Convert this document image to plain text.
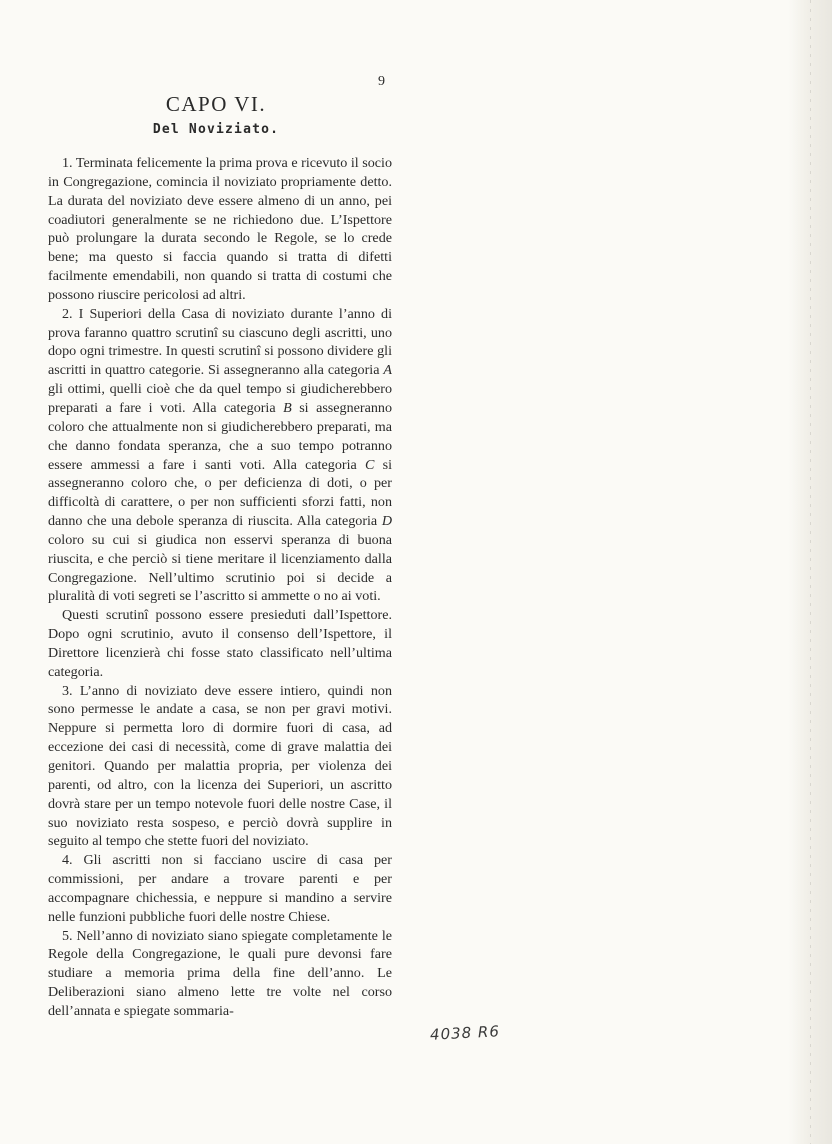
9
CAPO VI.
Del Noviziato.

1. Terminata felicemente la prima prova e ricevuto il socio in Congregazione, comincia il noviziato propriamente detto. La durata del noviziato deve essere almeno di un anno, pei coadiutori generalmente se ne richiedono due. L’Ispettore può prolungare la durata secondo le Regole, se lo crede bene; ma questo si faccia quando si tratta di difetti facilmente emendabili, non quando si tratta di costumi che possono riuscire pericolosi ad altri.

2. I Superiori della Casa di noviziato durante l’anno di prova faranno quattro scrutinî su ciascuno degli ascritti, uno dopo ogni trimestre. In questi scrutinî si possono dividere gli ascritti in quattro categorie. Si assegneranno alla categoria A gli ottimi, quelli cioè che da quel tempo si giudicherebbero preparati a fare i voti. Alla categoria B si assegneranno coloro che attualmente non si giudicherebbero preparati, ma che danno fondata speranza, che a suo tempo potranno essere ammessi a fare i santi voti. Alla categoria C si assegneranno coloro che, o per deficienza di doti, o per difficoltà di carattere, o per non sufficienti sforzi fatti, non danno che una debole speranza di riuscita. Alla categoria D coloro su cui si giudica non esservi speranza di buona riuscita, e che perciò si tiene meritare il licenziamento dalla Congregazione. Nell’ultimo scrutinio poi si decide a pluralità di voti segreti se l’ascritto si ammette o no ai voti.

Questi scrutinî possono essere presieduti dall’Ispettore. Dopo ogni scrutinio, avuto il consenso dell’Ispettore, il Direttore licenzierà chi fosse stato classificato nell’ultima categoria.

3. L’anno di noviziato deve essere intiero, quindi non sono permesse le andate a casa, se non per gravi motivi. Neppure si permetta loro di dormire fuori di casa, ad eccezione dei casi di necessità, come di grave malattia dei genitori. Quando per malattia propria, per violenza dei parenti, od altro, con la licenza dei Superiori, un ascritto dovrà stare per un tempo notevole fuori delle nostre Case, il suo noviziato resta sospeso, e perciò dovrà supplire in seguito al tempo che stette fuori del noviziato.

4. Gli ascritti non si facciano uscire di casa per commissioni, per andare a trovare parenti e per accompagnare chichessia, e neppure si mandino a servire nelle funzioni pubbliche fuori delle nostre Chiese.

5. Nell’anno di noviziato siano spiegate completamente le Regole della Congregazione, le quali pure devonsi fare studiare a memoria prima della fine dell’anno. Le Deliberazioni siano almeno lette tre volte nel corso dell’annata e spiegate sommaria-

4038 R6
